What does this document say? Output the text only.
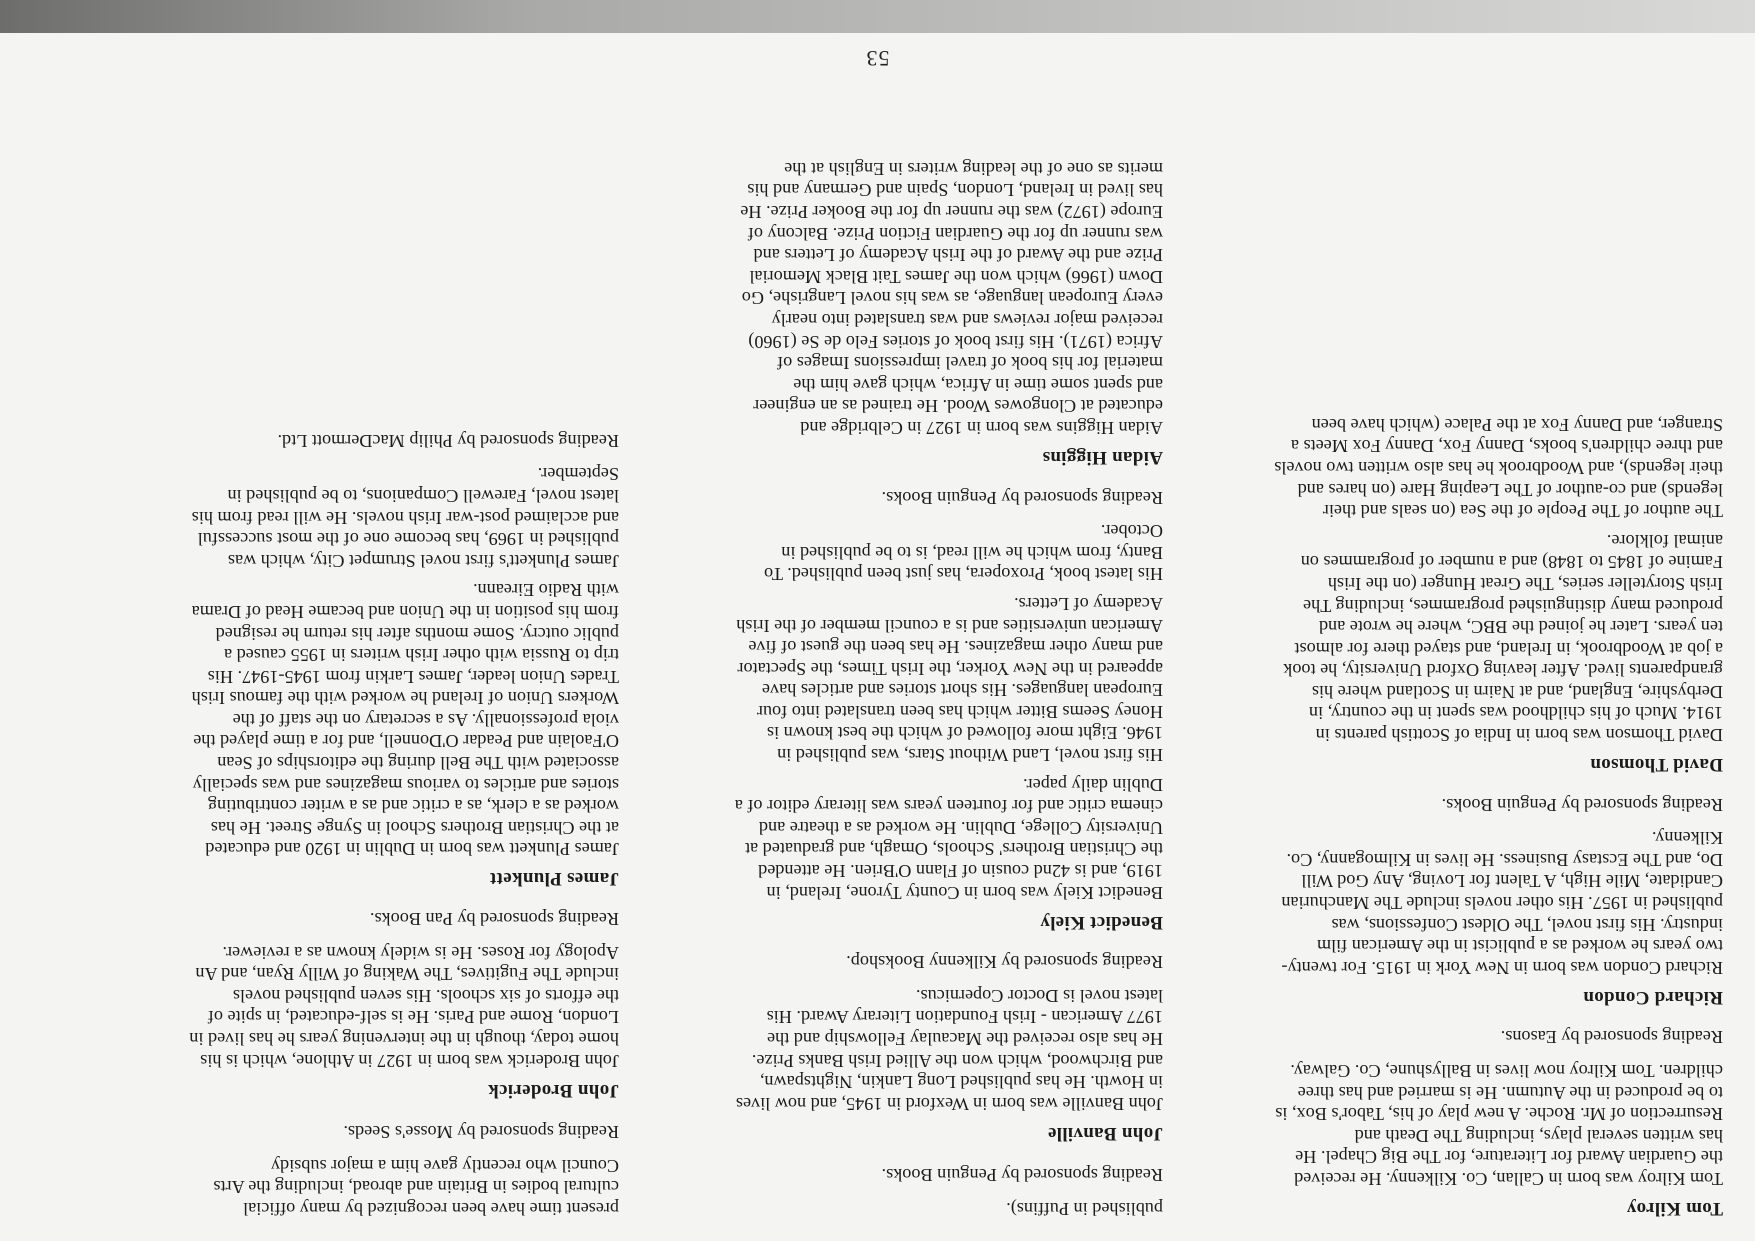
53
Tom Kilroy

Tom Kilroy was born in Callan, Co. Kilkenny. He received the Guardian Award for Literature, for The Big Chapel. He has written several plays, including The Death and Resurrection of Mr. Roche. A new play of his, Tabor's Box, is to be produced in the Autumn. He is married and has three children. Tom Kilroy now lives in Ballyshune, Co. Galway.

Reading sponsored by Easons.

Richard Condon

Richard Condon was born in New York in 1915. For twenty-two years he worked as a publicist in the American film industry. His first novel, The Oldest Confessions, was published in 1957. His other novels include The Manchurian Candidate, Mile High, A Talent for Loving, Any God Will Do, and The Ecstasy Business. He lives in Kilmoganny, Co. Kilkenny.

Reading sponsored by Penguin Books.

David Thomson

David Thomson was born in India of Scottish parents in 1914. Much of his childhood was spent in the country, in Derbyshire, England, and at Nairn in Scotland where his grandparents lived. After leaving Oxford University, he took a job at Woodbrook, in Ireland, and stayed there for almost ten years. Later he joined the BBC, where he wrote and produced many distinguished programmes, including The Irish Storyteller series, The Great Hunger (on the Irish Famine of 1845 to 1848) and a number of programmes on animal folklore.

The author of The People of the Sea (on seals and their legends) and co-author of The Leaping Hare (on hares and their legends), and Woodbrook he has also written two novels and three children's books, Danny Fox, Danny Fox Meets a Stranger, and Danny Fox at the Palace (which have been

published in Puffins).

Reading sponsored by Penguin Books.

John Banville

John Banville was born in Wexford in 1945, and now lives in Howth. He has published Long Lankin, Nightspawn, and Birchwood, which won the Allied Irish Banks Prize. He has also received the Macaulay Fellowship and the 1977 American - Irish Foundation Literary Award. His latest novel is Doctor Copernicus.

Reading sponsored by Kilkenny Bookshop.

Benedict Kiely

Benedict Kiely was born in County Tyrone, Ireland, in 1919, and is 42nd cousin of Flann O'Brien. He attended the Christian Brothers' Schools, Omagh, and graduated at University College, Dublin. He worked as a theatre and cinema critic and for fourteen years was literary editor of a Dublin daily paper.

His first novel, Land Without Stars, was published in 1946. Eight more followed of which the best known is Honey Seems Bitter which has been translated into four European languages. His short stories and articles have appeared in the New Yorker, the Irish Times, the Spectator and many other magazines. He has been the guest of five American universities and is a council member of the Irish Academy of Letters.

His latest book, Proxopera, has just been published. To Banty, from which he will read, is to be published in October.

Reading sponsored by Penguin Books.

Aidan Higgins

Aidan Higgins was born in 1927 in Celbridge and educated at Clongowes Wood. He trained as an engineer and spent some time in Africa, which gave him the material for his book of travel impressions Images of Africa (1971). His first book of stories Felo de Se (1960) received major reviews and was translated into nearly every European language, as was his novel Langrishe, Go Down (1966) which won the James Tait Black Memorial Prize and the Award of the Irish Academy of Letters and was runner up for the Guardian Fiction Prize. Balcony of Europe (1972) was the runner up for the Booker Prize. He has lived in Ireland, London, Spain and Germany and his merits as one of the leading writers in English at the

present time have been recognized by many official cultural bodies in Britain and abroad, including the Arts Council who recently gave him a major subsidy

Reading sponsored by Mosse's Seeds.

John Broderick

John Broderick was born in 1927 in Athlone, which is his home today, though in the intervening years he has lived in London, Rome and Paris. He is self-educated, in spite of the efforts of six schools. His seven published novels include The Fugitives, The Waking of Willy Ryan, and An Apology for Roses. He is widely known as a reviewer.

Reading sponsored by Pan Books.

James Plunkett

James Plunkett was born in Dublin in 1920 and educated at the Christian Brothers School in Synge Street. He has worked as a clerk, as a critic and as a writer contributing stories and articles to various magazines and was specially associated with The Bell during the editorships of Sean O'Faolain and Peadar O'Donnell, and for a time played the viola professionally. As a secretary on the staff of the Workers Union of Ireland he worked with the famous Irish Trades Union leader, James Larkin from 1945-1947. His trip to Russia with other Irish writers in 1955 caused a public outcry. Some months after his return he resigned from his position in the Union and became Head of Drama with Radio Eireann.

James Plunkett's first novel Strumpet City, which was published in 1969, has become one of the most successful and acclaimed post-war Irish novels. He will read from his latest novel, Farewell Companions, to be published in September.

Reading sponsored by Philip MacDermott Ltd.
